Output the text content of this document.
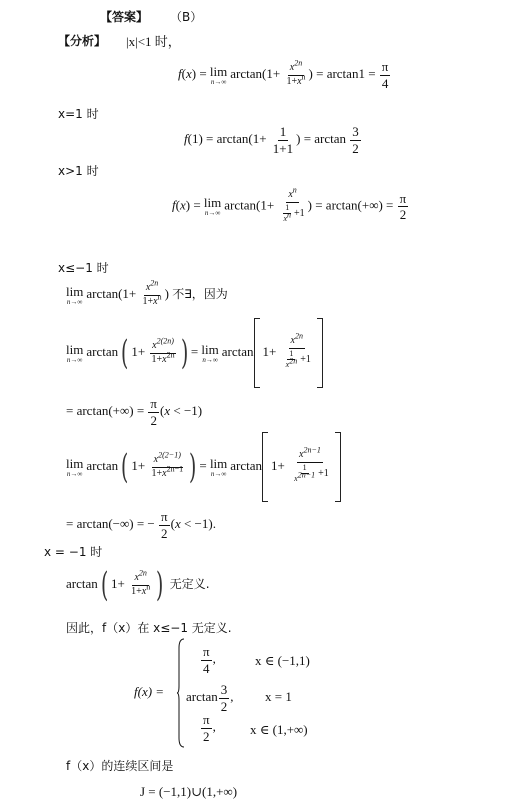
【答案】 （B）
【分析】 |x|<1 时，
f(x) = lim
n→∞
$\arctan(1+ \frac{x^{2n}}{1+x^n}$ ) = $\arctan 1 = \frac{\pi}{4}$
x=1 时
$f(1) = \arctan(1+ \frac{1}{1+1}$ ) = $\arctan \frac{3}{2}$
x>1 时
f(x) = lim
n→∞
$\arctan(1+ \frac{x^n}{\frac{1}{x^n} +1}$ ) = $\arctan(+\infty) = \frac{\pi}{2}$
x≤−1 时
lim
n→∞
$\arctan(1+ \frac{x^{2n}}{1+x^n}$ ) 不∃，因为
lim
n→∞
arctan( $1+ \frac{x^{2(2n)}}{1+x^{2n}}$ ) = lim
n→∞
$\arctan 1+ \frac{x^{2n}}{\frac{1}{x^{2n}} +1}$
= $\arctan(+\infty) = \frac{\pi}{2} (x < -1)$
lim
n→∞
arctan( $1+ \frac{x^{2(2-1)}}{1+x^{2n-1}}$ ) = lim
n→∞
$\arctan 1+ \frac{x^{2n-1}}{\frac{1}{x^{2n-1}} +1}$
= arctan(−∞) = − $\frac{\pi}{2} (x < -1)$.
x = −1 时
arctan( $1+ \frac{x^{2n}}{1+x^n}$ ) 无定义.
因此，f（x）在 x≤−1 无定义.
f(x) =
$\frac{\pi}{4}$ ,	x ∈ (−1,1)
$\arctan \frac{3}{2}$ , x = 1
$\frac{\pi}{2}$ ,	x ∈ (1,+∞)
f（x）的连续区间是
J = (−1,1)∪(1,+∞)
